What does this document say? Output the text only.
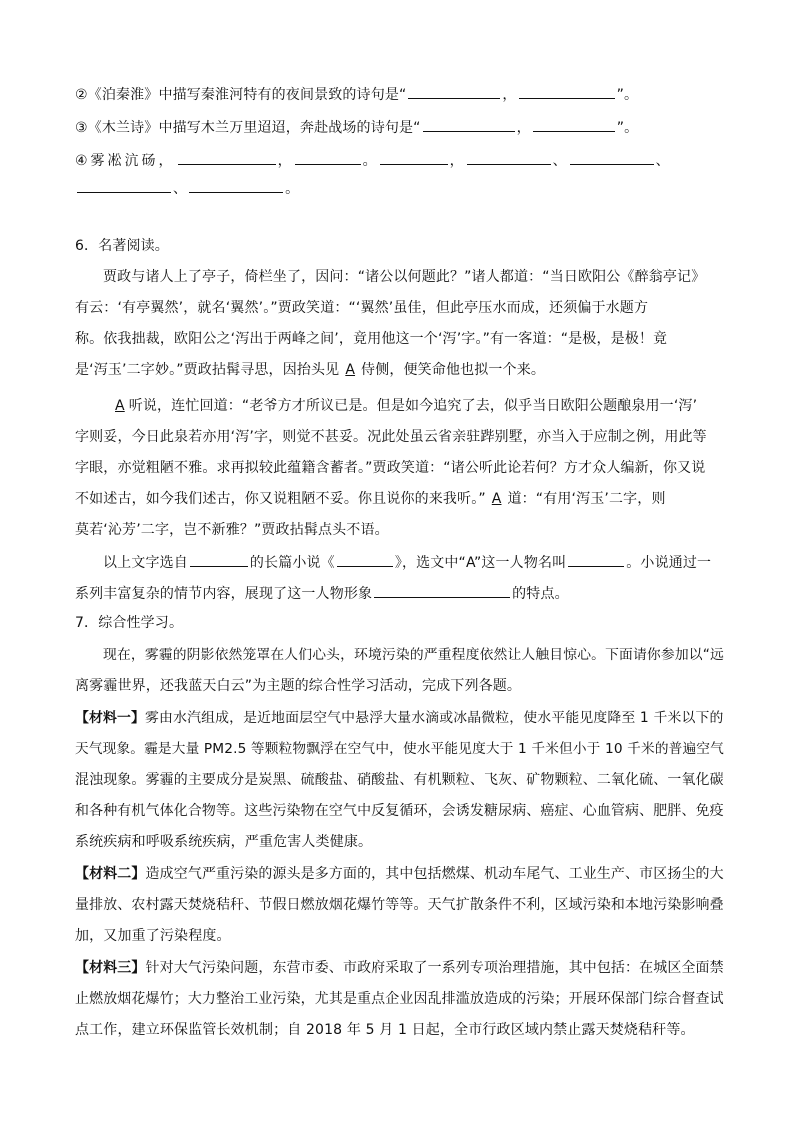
②《泊秦淮》中描写秦淮河特有的夜间景致的诗句是“	，	”。
③《木兰诗》中描写木兰万里迢迢，奔赴战场的诗句是“	，	”。
④雾凇沆砀，	，	。	，	、	、
、	。
6．名著阅读。
贾政与诸人上了亭子，倚栏坐了，因问：“诸公以何题此？”诸人都道：“当日欧阳公《醉翁亭记》
有云：‘有亭翼然’，就名‘翼然’。”贾政笑道：“‘翼然’虽佳，但此亭压水而成，还须偏于水题方
称。依我拙裁，欧阳公之‘泻出于两峰之间’，竟用他这一个‘泻’字。”有一客道：“是极，是极！竟
是‘泻玉’二字妙。”贾政拈髯寻思，因抬头见 A 侍侧，便笑命他也拟一个来。
A 听说，连忙回道：“老爷方才所议已是。但是如今追究了去，似乎当日欧阳公题酿泉用一‘泻’
字则妥，今日此泉若亦用‘泻’字，则觉不甚妥。况此处虽云省亲驻跸别墅，亦当入于应制之例，用此等
字眼，亦觉粗陋不雅。求再拟较此蕴籍含蓄者。”贾政笑道：“诸公听此论若何？方才众人编新，你又说
不如述古，如今我们述古，你又说粗陋不妥。你且说你的来我听。” A 道：“有用‘泻玉’二字，则
莫若‘沁芳’二字，岂不新雅？”贾政拈髯点头不语。
以上文字选自	的长篇小说《	》，选文中“A”这一人物名叫	。小说通过一
系列丰富复杂的情节内容，展现了这一人物形象	的特点。
7．综合性学习。
现在，雾霾的阴影依然笼罩在人们心头，环境污染的严重程度依然让人触目惊心。下面请你参加以“远
离雾霾世界，还我蓝天白云”为主题的综合性学习活动，完成下列各题。
【材料一】雾由水汽组成，是近地面层空气中悬浮大量水滴或冰晶微粒，使水平能见度降至 1 千米以下的
天气现象。霾是大量 PM2.5 等颗粒物飘浮在空气中，使水平能见度大于 1 千米但小于 10 千米的普遍空气
混浊现象。雾霾的主要成分是炭黑、硫酸盐、硝酸盐、有机颗粒、飞灰、矿物颗粒、二氧化硫、一氧化碳
和各种有机气体化合物等。这些污染物在空气中反复循环，会诱发糖尿病、癌症、心血管病、肥胖、免疫
系统疾病和呼吸系统疾病，严重危害人类健康。
【材料二】造成空气严重污染的源头是多方面的，其中包括燃煤、机动车尾气、工业生产、市区扬尘的大
量排放、农村露天焚烧秸秆、节假日燃放烟花爆竹等等。天气扩散条件不利，区域污染和本地污染影响叠
加，又加重了污染程度。
【材料三】针对大气污染问题，东营市委、市政府采取了一系列专项治理措施，其中包括：在城区全面禁
止燃放烟花爆竹；大力整治工业污染，尤其是重点企业因乱排滥放造成的污染；开展环保部门综合督查试
点工作，建立环保监管长效机制；自 2018 年 5 月 1 日起，全市行政区域内禁止露天焚烧秸秆等。
